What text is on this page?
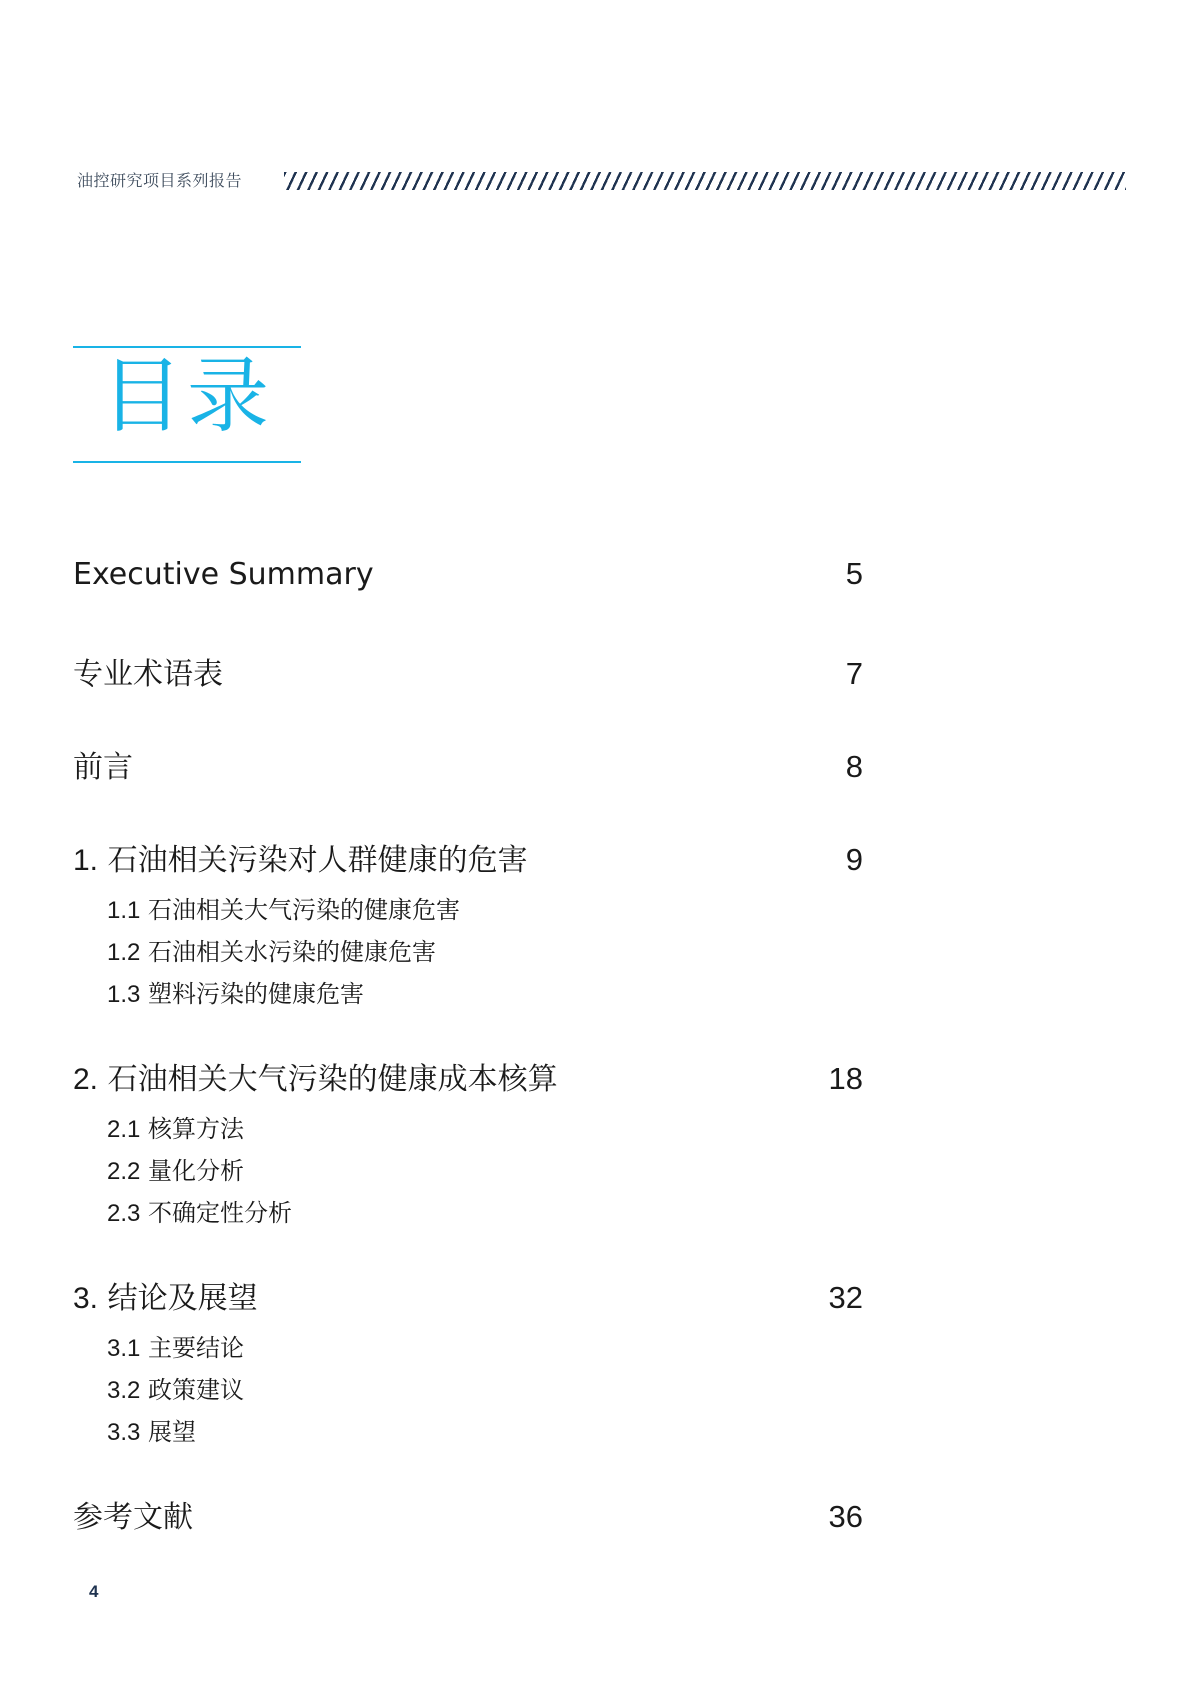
油控研究项目系列报告
目录
Executive Summary	5
专业术语表	7
前言	8
1. 石油相关污染对人群健康的危害	9
1.1 石油相关大气污染的健康危害
1.2 石油相关水污染的健康危害
1.3 塑料污染的健康危害
2. 石油相关大气污染的健康成本核算	18
2.1 核算方法
2.2 量化分析
2.3 不确定性分析
3. 结论及展望	32
3.1 主要结论
3.2 政策建议
3.3 展望
参考文献	36
4
